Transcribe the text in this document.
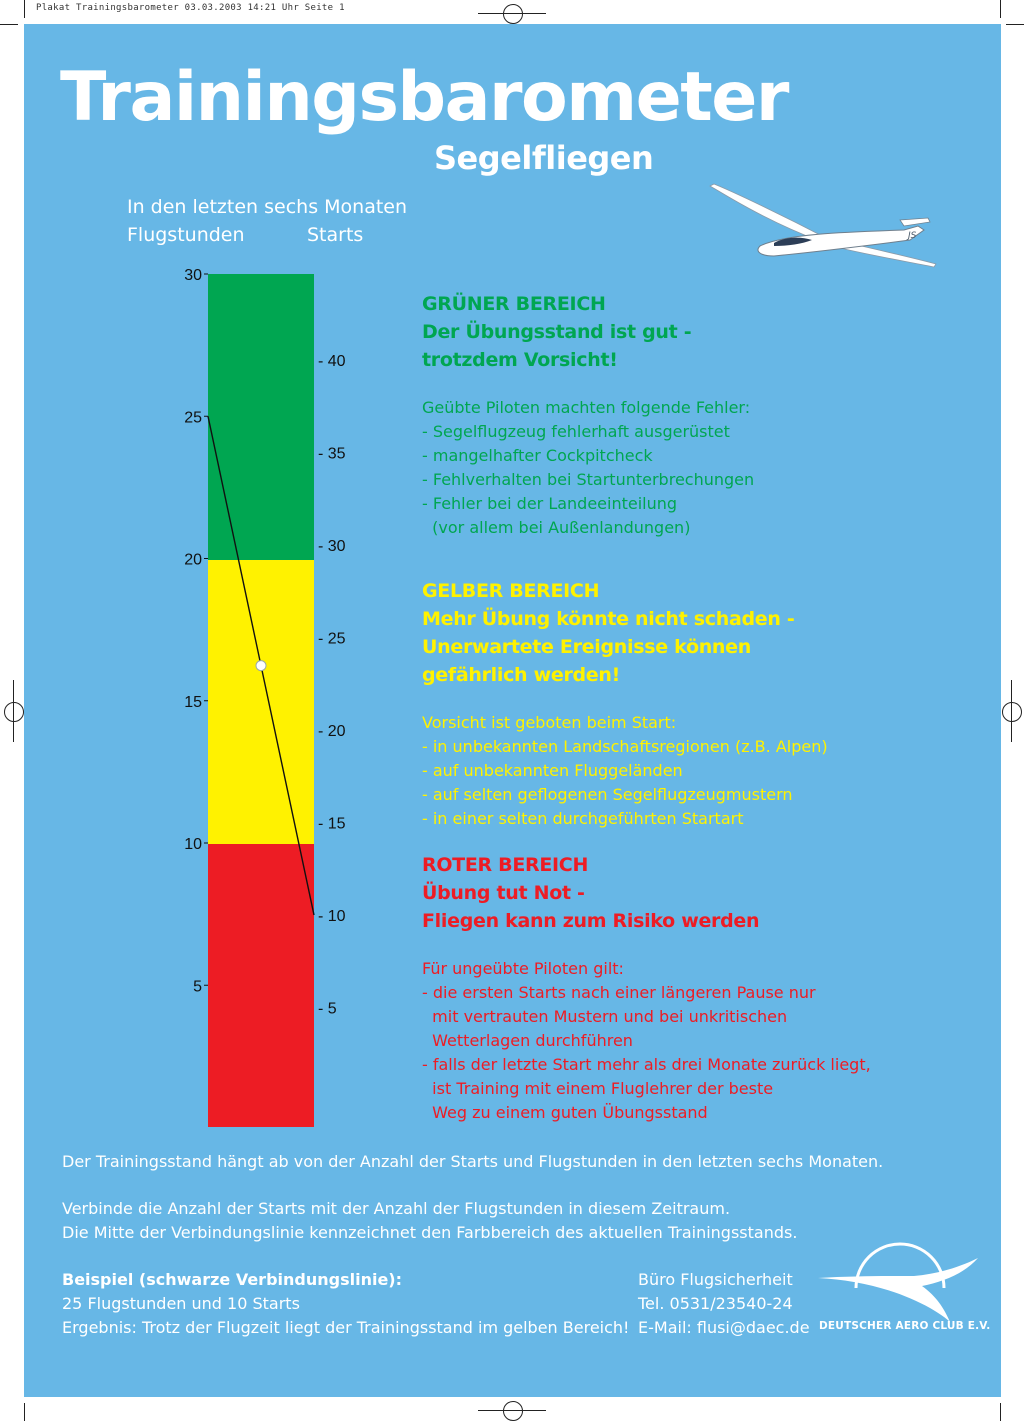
Plakat Trainingsbarometer 03.03.2003 14:21 Uhr Seite 1
Trainingsbarometer
Segelfliegen
In den letzten sechs Monaten
Flugstunden	Starts	JS
30
25
20
15
10
5
- 40
- 35
- 30
- 25
- 20
- 15
- 10
- 5
GRÜNER BEREICH
Der Übungsstand ist gut -
trotzdem Vorsicht!
Geübte Piloten machten folgende Fehler:
- Segelflugzeug fehlerhaft ausgerüstet
- mangelhafter Cockpitcheck
- Fehlverhalten bei Startunterbrechungen
- Fehler bei der Landeeinteilung
(vor allem bei Außenlandungen)
GELBER BEREICH
Mehr Übung könnte nicht schaden -
Unerwartete Ereignisse können
gefährlich werden!
Vorsicht ist geboten beim Start:
- in unbekannten Landschaftsregionen (z.B. Alpen)
- auf unbekannten Fluggeländen
- auf selten geflogenen Segelflugzeugmustern
- in einer selten durchgeführten Startart
ROTER BEREICH
Übung tut Not -
Fliegen kann zum Risiko werden
Für ungeübte Piloten gilt:
- die ersten Starts nach einer längeren Pause nur
mit vertrauten Mustern und bei unkritischen
Wetterlagen durchführen
- falls der letzte Start mehr als drei Monate zurück liegt,
ist Training mit einem Fluglehrer der beste
Weg zu einem guten Übungsstand
Der Trainingsstand hängt ab von der Anzahl der Starts und Flugstunden in den letzten sechs Monaten.
Verbinde die Anzahl der Starts mit der Anzahl der Flugstunden in diesem Zeitraum.
Die Mitte der Verbindungslinie kennzeichnet den Farbbereich des aktuellen Trainingsstands.
Beispiel (schwarze Verbindungslinie):
25 Flugstunden und 10 Starts
Ergebnis: Trotz der Flugzeit liegt der Trainingsstand im gelben Bereich!
Büro Flugsicherheit
Tel. 0531/23540-24
E-Mail: flusi@daec.de DEUTSCHER AERO CLUB E.V.
